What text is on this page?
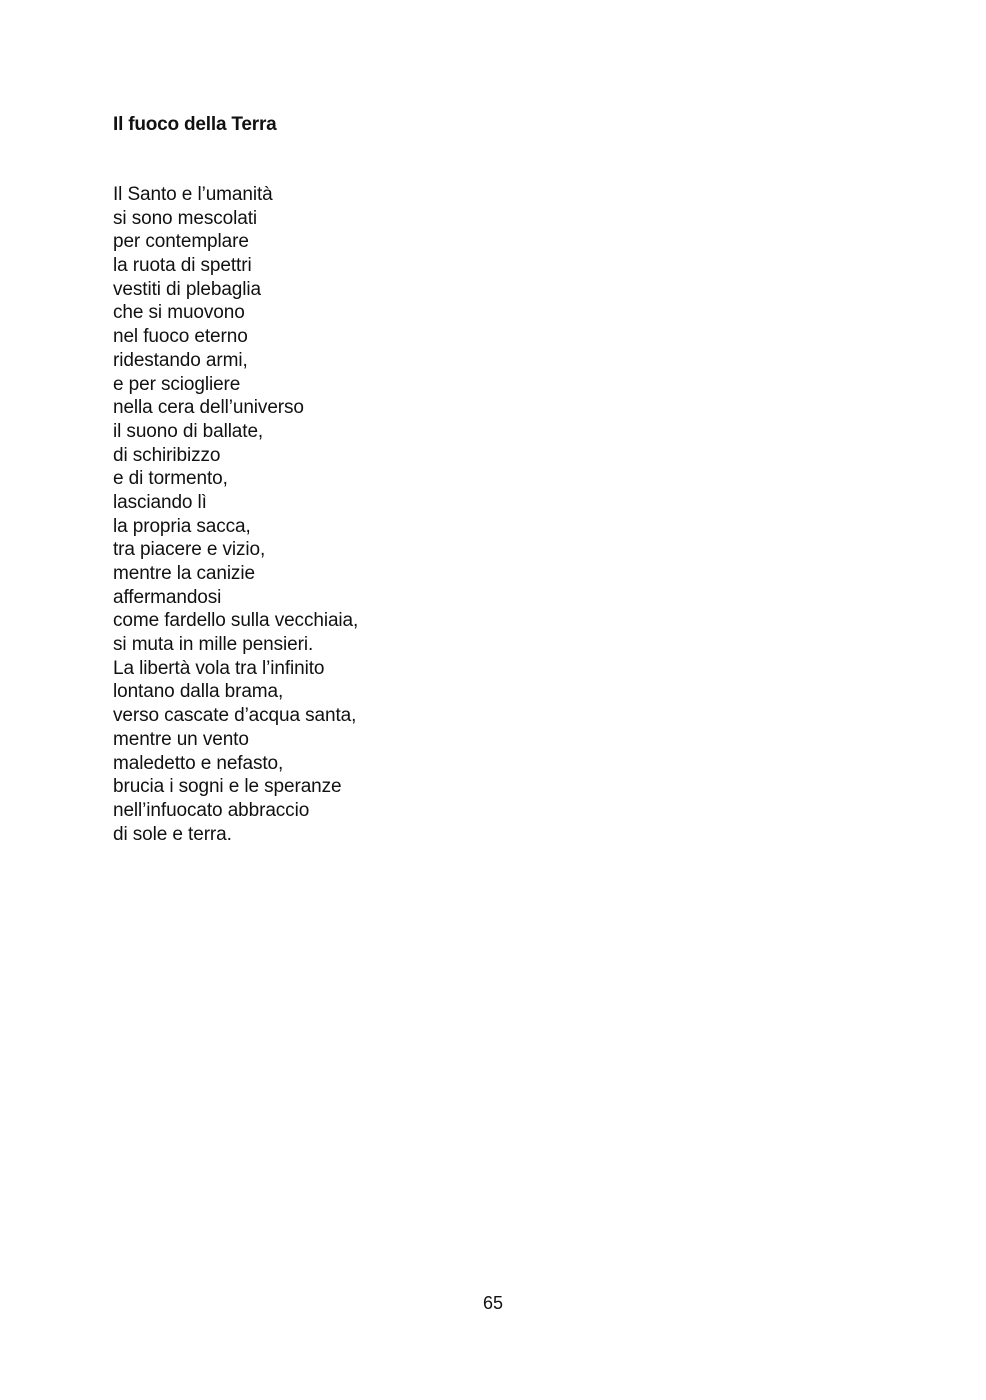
Il fuoco della Terra
Il Santo e l’umanità
si sono mescolati
per contemplare
la ruota di spettri
vestiti di plebaglia
che si muovono
nel fuoco eterno
ridestando armi,
e per sciogliere
nella cera dell’universo
il suono di ballate,
di schiribizzo
e di tormento,
lasciando lì
la propria sacca,
tra piacere e vizio,
mentre la canizie
affermandosi
come fardello sulla vecchiaia,
si muta in mille pensieri.
La libertà vola tra l’infinito
lontano dalla brama,
verso cascate d’acqua santa,
mentre un vento
maledetto e nefasto,
brucia i sogni e le speranze
nell’infuocato abbraccio
di sole e terra.
65
